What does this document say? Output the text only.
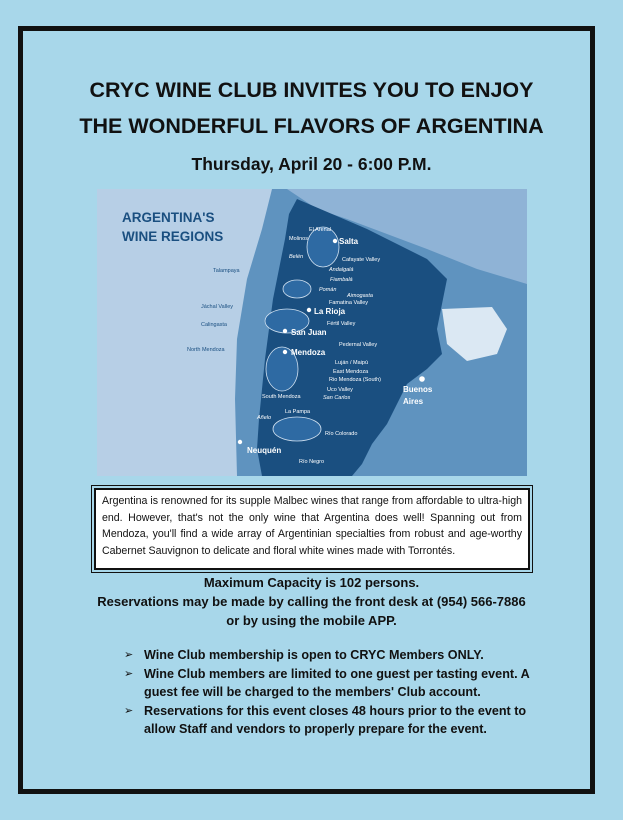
CRYC WINE CLUB INVITES YOU TO ENJOY
THE WONDERFUL FLAVORS OF ARGENTINA
Thursday, April 20 - 6:00 P.M.
ARGENTINA'S
WINE REGIONS
Talampaya
Jáchal Valley
Calingasta
North Mendoza
El Arenal
Molinos
Belén	Cafayate Valley
Andalgalá
Fiambalá
Pomán
Aimogasta
Famatina Valley
Fértil Valley
Pedernal Valley
Luján / Maipú
East Mendoza
Rio Mendoza (South)
Uco Valley
San Carlos
South Mendoza
La Pampa
Añelo
Río Colorado
Río Negro
Salta
La Rioja
San Juan
Mendoza
Neuquén
Buenos
Aires
Argentina is renowned for its supple Malbec wines that range from affordable to ultra-high end. However, that's not the only wine that Argentina does well! Spanning out from Mendoza, you'll find a wide array of Argentinian specialties from robust and age-worthy Cabernet Sauvignon to delicate and floral white wines made with Torrontés.
Maximum Capacity is 102 persons.
Reservations may be made by calling the front desk at (954) 566-7886
or by using the mobile APP.
➢ Wine Club membership is open to CRYC Members ONLY.
➢ Wine Club members are limited to one guest per tasting event. A guest fee will be charged to the members' Club account.
➢ Reservations for this event closes 48 hours prior to the event to allow Staff and vendors to properly prepare for the event.
